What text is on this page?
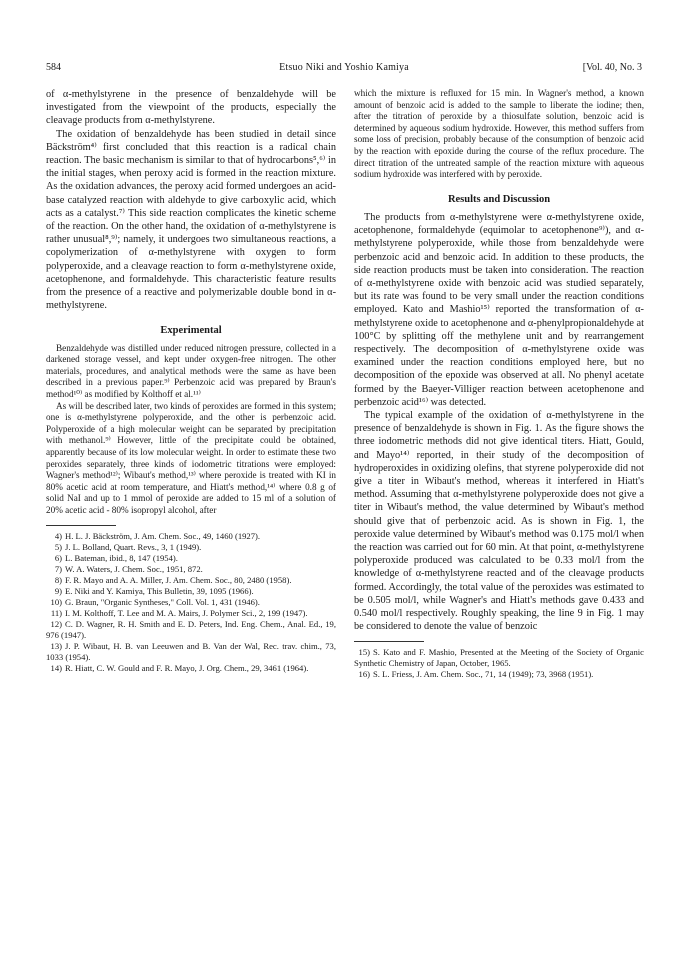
584	Etsuo Niki and Yoshio Kamiya	[Vol. 40, No. 3

of α-methylstyrene in the presence of benzaldehyde will be investigated from the viewpoint of the products, especially the cleavage products from α-methylstyrene.

The oxidation of benzaldehyde has been studied in detail since Bäckström⁴⁾ first concluded that this reaction is a radical chain reaction. The basic mechanism is similar to that of hydrocarbons⁵,⁶⁾ in the initial stages, when peroxy acid is formed in the reaction mixture. As the oxidation advances, the peroxy acid formed undergoes an acid-base catalyzed reaction with aldehyde to give carboxylic acid, which acts as a catalyst.⁷⁾ This side reaction complicates the kinetic scheme of the reaction. On the other hand, the oxidation of α-methylstyrene is rather unusual⁸,⁹⁾; namely, it undergoes two simultaneous reactions, a copolymerization of α-methylstyrene with oxygen to form polyperoxide, and a cleavage reaction to form α-methylstyrene oxide, acetophenone, and formaldehyde. This characteristic feature results from the presence of a reactive and polymerizable double bond in α-methylstyrene.

Experimental

Benzaldehyde was distilled under reduced nitrogen pressure, collected in a darkened storage vessel, and kept under oxygen-free nitrogen. The other materials, procedures, and analytical methods were the same as have been described in a previous paper.⁹⁾ Perbenzoic acid was prepared by Braun's method¹⁰⁾ as modified by Kolthoff et al.¹¹⁾

As will be described later, two kinds of peroxides are formed in this system; one is α-methylstyrene polyperoxide, and the other is perbenzoic acid. Polyperoxide of a high molecular weight can be separated by precipitation with methanol.⁹⁾ However, little of the precipitate could be obtained, apparently because of its low molecular weight. In order to estimate these two peroxides separately, three kinds of iodometric titrations were employed: Wagner's method¹²⁾; Wibaut's method,¹³⁾ where peroxide is treated with KI in 80% acetic acid at room temperature, and Hiatt's method,¹⁴⁾ where 0.8 g of solid NaI and up to 1 mmol of peroxide are added to 15 ml of a solution of 20% acetic acid - 80% isopropyl alcohol, after

4) H. L. J. Bäckström, J. Am. Chem. Soc., 49, 1460 (1927).

5) J. L. Bolland, Quart. Revs., 3, 1 (1949).

6) L. Bateman, ibid., 8, 147 (1954).

7) W. A. Waters, J. Chem. Soc., 1951, 872.

8) F. R. Mayo and A. A. Miller, J. Am. Chem. Soc., 80, 2480 (1958).

9) E. Niki and Y. Kamiya, This Bulletin, 39, 1095 (1966).

10) G. Braun, "Organic Syntheses," Coll. Vol. 1, 431 (1946).

11) I. M. Kolthoff, T. Lee and M. A. Mairs, J. Polymer Sci., 2, 199 (1947).

12) C. D. Wagner, R. H. Smith and E. D. Peters, Ind. Eng. Chem., Anal. Ed., 19, 976 (1947).

13) J. P. Wibaut, H. B. van Leeuwen and B. Van der Wal, Rec. trav. chim., 73, 1033 (1954).

14) R. Hiatt, C. W. Gould and F. R. Mayo, J. Org. Chem., 29, 3461 (1964).

which the mixture is refluxed for 15 min. In Wagner's method, a known amount of benzoic acid is added to the sample to liberate the iodine; then, after the titration of peroxide by a thiosulfate solution, benzoic acid is determined by aqueous sodium hydroxide. However, this method suffers from some loss of precision, probably because of the consumption of benzoic acid by the reaction with epoxide during the course of the reflux procedure. The direct titration of the untreated sample of the reaction mixture with aqueous sodium hydroxide was interfered with by peroxide.

Results and Discussion

The products from α-methylstyrene were α-methylstyrene oxide, acetophenone, formaldehyde (equimolar to acetophenone⁹⁾), and α-methylstyrene polyperoxide, while those from benzaldehyde were perbenzoic acid and benzoic acid. In addition to these products, the side reaction products must be taken into consideration. The reaction of α-methylstyrene oxide with benzoic acid was studied separately, but its rate was found to be very small under the reaction conditions employed. Kato and Mashio¹⁵⁾ reported the transformation of α-methylstyrene oxide to acetophenone and α-phenylpropionaldehyde at 100°C by splitting off the methylene unit and by rearrangement respectively. The decomposition of α-methylstyrene oxide was examined under the reaction conditions employed here, but no decomposition of the epoxide was observed at all. No phenyl acetate formed by the Baeyer-Villiger reaction between acetophenone and perbenzoic acid¹⁶⁾ was detected.

The typical example of the oxidation of α-methylstyrene in the presence of benzaldehyde is shown in Fig. 1. As the figure shows the three iodometric methods did not give identical titers. Hiatt, Gould, and Mayo¹⁴⁾ reported, in their study of the decomposition of hydroperoxides in oxidizing olefins, that styrene polyperoxide did not give a titer in Wibaut's method, whereas it interfered in Hiatt's method. Assuming that α-methylstyrene polyperoxide does not give a titer in Wibaut's method, the value determined by Wibaut's method should give that of perbenzoic acid. As is shown in Fig. 1, the peroxide value determined by Wibaut's method was 0.175 mol/l when the reaction was carried out for 60 min. At that point, α-methylstyrene polyperoxide produced was calculated to be 0.33 mol/l from the knowledge of α-methylstyrene reacted and of the cleavage products formed. Accordingly, the total value of the peroxides was estimated to be 0.505 mol/l, while Wagner's and Hiatt's methods gave 0.433 and 0.540 mol/l respectively. Roughly speaking, the line 9 in Fig. 1 may be considered to denote the value of benzoic

15) S. Kato and F. Mashio, Presented at the Meeting of the Society of Organic Synthetic Chemistry of Japan, October, 1965.

16) S. L. Friess, J. Am. Chem. Soc., 71, 14 (1949); 73, 3968 (1951).
